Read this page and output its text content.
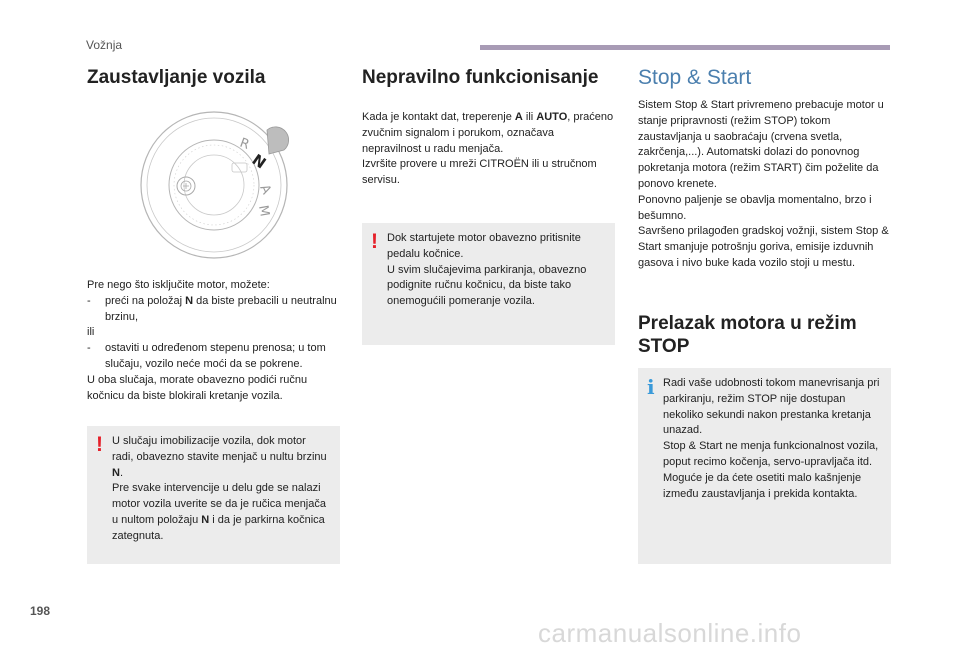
Vožnja
Zaustavljanje vozila
R
N
A
M

Pre nego što isključite motor, možete:

- preći na položaj N da biste prebacili u neutralnu brzinu,

ili

- ostaviti u određenom stepenu prenosa; u tom slučaju, vozilo neće moći da se pokrene.

U oba slučaja, morate obavezno podići ručnu kočnicu da biste blokirali kretanje vozila.

! U slučaju imobilizacije vozila, dok motor radi, obavezno stavite menjač u nultu brzinu N.
Pre svake intervencije u delu gde se nalazi motor vozila uverite se da je ručica menjača u nultom položaju N i da je parkirna kočnica zategnuta.

Nepravilno funkcionisanje

Kada je kontakt dat, treperenje A ili AUTO, praćeno zvučnim signalom i porukom, označava nepravilnost u radu menjača.
Izvršite provere u mreži CITROËN ili u stručnom servisu.

! Dok startujete motor obavezno pritisnite pedalu kočnice.
U svim slučajevima parkiranja, obavezno podignite ručnu kočnicu, da biste tako onemogućili pomeranje vozila.

Stop & Start

Sistem Stop & Start privremeno prebacuje motor u stanje pripravnosti (režim STOP) tokom zaustavljanja u saobraćaju (crvena svetla, zakrčenja,...). Automatski dolazi do ponovnog pokretanja motora (režim START) čim poželite da ponovo krenete.

Ponovno paljenje se obavlja momentalno, brzo i bešumno.

Savršeno prilagođen gradskoj vožnji, sistem Stop & Start smanjuje potrošnju goriva, emisije izduvnih gasova i nivo buke kada vozilo stoji u mestu.

Prelazak motora u režim STOP
i Radi vaše udobnosti tokom manevrisanja pri parkiranju, režim STOP nije dostupan nekoliko sekundi nakon prestanka kretanja unazad.
Stop & Start ne menja funkcionalnost vozila, poput recimo kočenja, servo-upravljača itd.
Moguće je da ćete osetiti malo kašnjenje između zaustavljanja i prekida kontakta.

198
carmanualsonline.info
